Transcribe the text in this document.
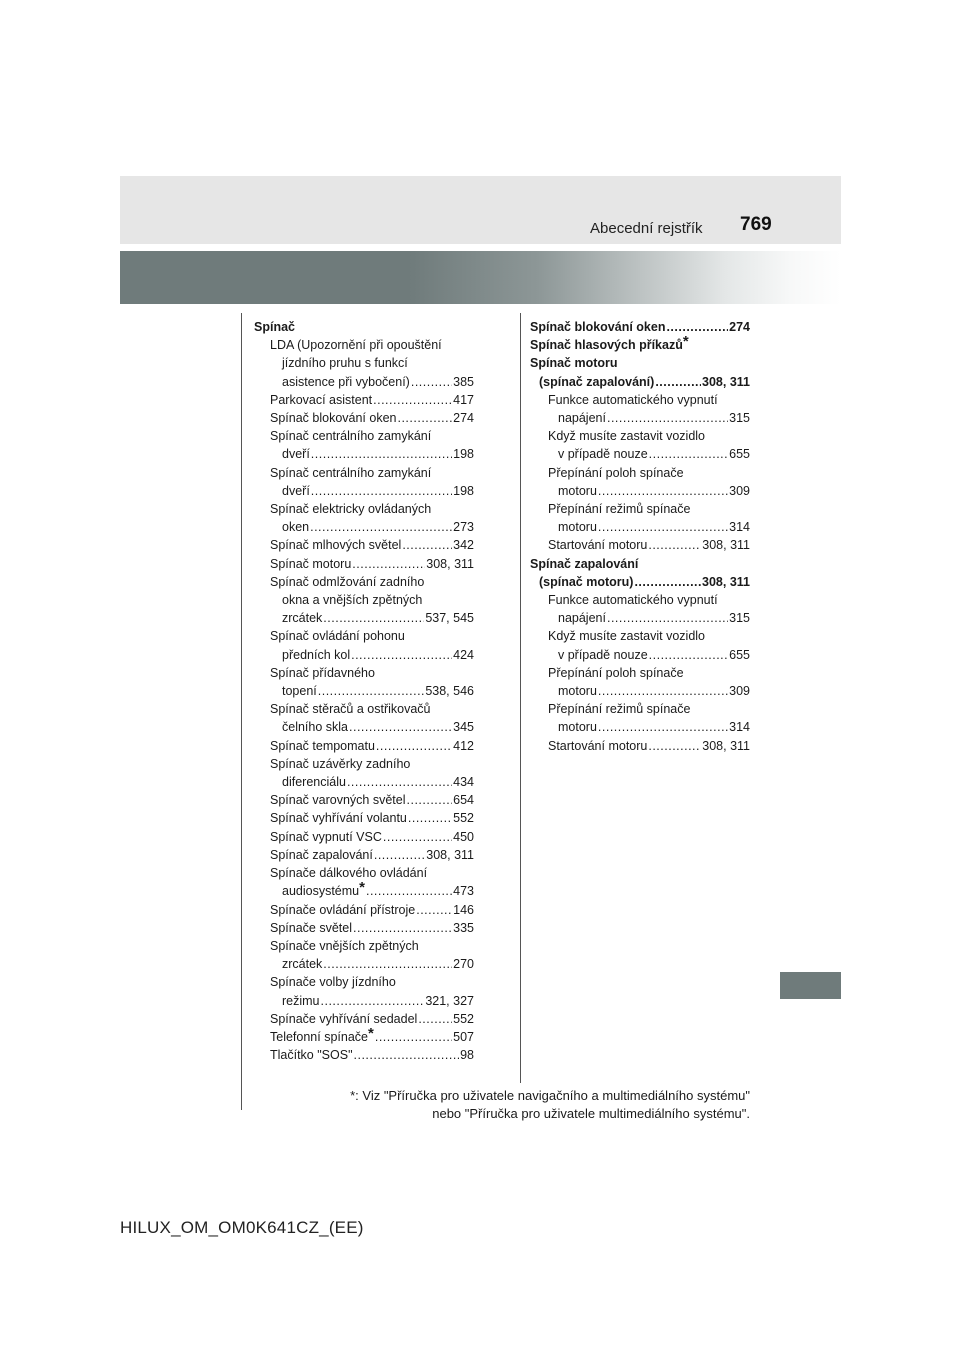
Abecední rejstřík 769
Spínač
LDA (Upozornění při opouštění
jízdního pruhu s funkcí
asistence při vybočení) .....	385
Parkovací asistent .....	417
Spínač blokování oken .....	274
Spínač centrálního zamykání
dveří .....	198
Spínač centrálního zamykání
dveří .....	198
Spínač elektricky ovládaných
oken .....	273
Spínač mlhových světel .....	342
Spínač motoru .....	308, 311
Spínač odmlžování zadního
okna a vnějších zpětných
zrcátek .....	537, 545
Spínač ovládání pohonu
předních kol .....	424
Spínač přídavného
topení .....	538, 546
Spínač stěračů a ostřikovačů
čelního skla .....	345
Spínač tempomatu .....	412
Spínač uzávěrky zadního
diferenciálu .....	434
Spínač varovných světel .....	654
Spínač vyhřívání volantu .....	552
Spínač vypnutí VSC .....	450
Spínač zapalování .....	308, 311
Spínače dálkového ovládání
audiosystému* .....	473
Spínače ovládání přístroje .....	146
Spínače světel .....	335
Spínače vnějších zpětných
zrcátek .....	270
Spínače volby jízdního
režimu .....	321, 327
Spínače vyhřívání sedadel .....	552
Telefonní spínače* .....	507
Tlačítko "SOS" .....	98
Spínač blokování oken .....	274
Spínač hlasových příkazů*
Spínač motoru
(spínač zapalování) .....	308, 311
Funkce automatického vypnutí
napájení .....	315
Když musíte zastavit vozidlo
v případě nouze .....	655
Přepínání poloh spínače
motoru .....	309
Přepínání režimů spínače
motoru .....	314
Startování motoru .....	308, 311
Spínač zapalování
(spínač motoru) .....	308, 311
Funkce automatického vypnutí
napájení .....	315
Když musíte zastavit vozidlo
v případě nouze .....	655
Přepínání poloh spínače
motoru .....	309
Přepínání režimů spínače
motoru .....	314
Startování motoru .....	308, 311
*: Viz "Příručka pro uživatele navigačního a multimediálního systému"
nebo "Příručka pro uživatele multimediálního systému".
HILUX_OM_OM0K641CZ_(EE)
